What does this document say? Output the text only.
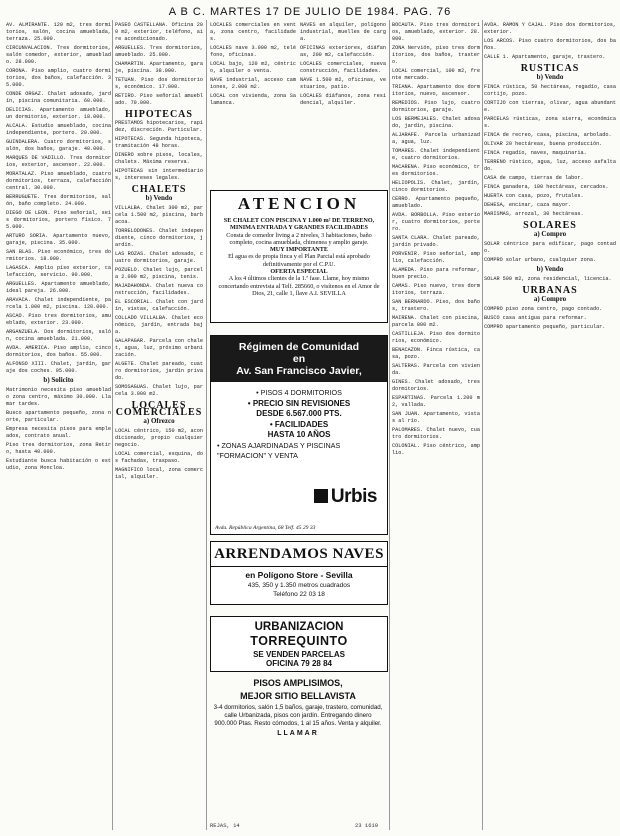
A B C. MARTES 17 DE JULIO DE 1984. PAG. 76

AV. ALMIRANTE. 120 m2, tres dormitorios, salón, cocina amueblada, terraza. 25.000.

CIRCUNVALACION. Tres dormitorios, salón comedor, exterior, amueblado. 28.000.

CORONA. Piso amplio, cuatro dormitorios, dos baños, calefacción. 35.000.

CONDE ORGAZ. Chalet adosado, jardín, piscina comunitaria. 60.000.

DELICIAS. Apartamento amueblado, un dormitorio, exterior. 18.000.

ALCALA. Estudio amueblado, cocina independiente, portero. 20.000.

GUINDALERA. Cuatro dormitorios, salón, dos baños, garaje. 40.000.

MARQUES DE VADILLO. Tres dormitorios, exterior, ascensor. 22.000.

MORATALAZ. Piso amueblado, cuatro dormitorios, terraza, calefacción central. 30.000.

BERRUGUETE. Tres dormitorios, salón, baño completo. 24.000.

DIEGO DE LEON. Piso señorial, seis dormitorios, portero físico. 75.000.

ARTURO SORIA. Apartamento nuevo, garaje, piscina. 35.000.

SAN BLAS. Piso económico, tres dormitorios. 18.000.

LAGASCA. Amplio piso exterior, calefacción, servicio. 90.000.

ARGUELLES. Apartamento amueblado, ideal pareja. 26.000.

ARAVACA. Chalet independiente, parcela 1.000 m2, piscina. 120.000.

ASCAO. Piso tres dormitorios, amueblado, exterior. 23.000.

ARGANZUELA. Dos dormitorios, salón, cocina amueblada. 21.000.

AVDA. AMERICA. Piso amplio, cinco dormitorios, dos baños. 55.000.

ALFONSO XIII. Chalet, jardín, garaje dos coches. 95.000.

b) Solicito

Matrimonio necesita piso amueblado zona centro, máximo 30.000. Llamar tardes.

Busco apartamento pequeño, zona norte, particular.

Empresa necesita pisos para empleados, contrato anual.

Piso tres dormitorios, zona Retiro, hasta 40.000.

Estudiante busca habitación o estudio, zona Moncloa.

PASEO CASTELLANA. Oficina 200 m2, exterior, teléfono, aire acondicionado.

ARGUELLES. Tres dormitorios, amueblado. 25.000.

CHAMARTIN. Apartamento, garaje, piscina. 38.000.

TETUAN. Piso dos dormitorios, económico. 17.000.

RETIRO. Piso señorial amueblado. 70.000.

HIPOTECAS

PRESTAMOS hipotecarios, rapidez, discreción. Particular.

HIPOTECAS. Segunda hipoteca, tramitación 48 horas.

DINERO sobre pisos, locales, chalets. Máxima reserva.

HIPOTECAS sin intermediarios, intereses legales.

CHALETS
b) Vendo

VILLALBA. Chalet 300 m2, parcela 1.500 m2, piscina, barbacoa.

TORRELODONES. Chalet independiente, cinco dormitorios, jardín.

LAS ROZAS. Chalet adosado, cuatro dormitorios, garaje.

POZUELO. Chalet lujo, parcela 2.000 m2, piscina, tenis.

MAJADAHONDA. Chalet nueva construcción, facilidades.

EL ESCORIAL. Chalet con jardín, vistas, calefacción.

COLLADO VILLALBA. Chalet económico, jardín, entrada baja.

GALAPAGAR. Parcela con chalet, agua, luz, próximo urbanización.

ALGETE. Chalet pareado, cuatro dormitorios, jardín privado.

SOMOSAGUAS. Chalet lujo, parcela 3.000 m2.

LOCALES COMERCIALES
a) Ofrezco

LOCAL céntrico, 150 m2, acondicionado, propio cualquier negocio.

LOCAL comercial, esquina, dos fachadas, traspaso.

MAGNIFICO local, zona comercial, alquiler.

REJAS, 14

LOCALES comerciales en venta, zona centro, facilidades.

LOCALES nave 3.000 m2, teléfono, oficinas.

LOCAL bajo, 120 m2, céntrico, alquiler o venta.

NAVE industrial, acceso camiones, 2.000 m2.

LOCAL con vivienda, zona Salamanca.

NAVES en alquiler, polígono industrial, muelles de carga.

OFICINAS exteriores, diáfanas, 200 m2, calefacción.

LOCALES comerciales, nueva construcción, facilidades.

NAVE 1.500 m2, oficinas, vestuarios, patio.

LOCALES diáfanos, zona residencial, alquiler.

ATENCION
SE CHALET CON PISCINA Y 1.000 m² DE TERRENO, MINIMA ENTRADA Y GRANDES FACILIDADES
Consta de comedor living a 2 niveles, 3 habitaciones, baño completo, cocina amueblada, chimenea y amplio garaje.
MUY IMPORTANTE
El agua es de propia finca y el Plan Parcial está aprobado definitivamente por el C.P.U.
OFERTA ESPECIAL
A los 4 últimos clientes de la 1.ª fase. Llame, hoy mismo concertando entrevista al Telf. 285660, o visítenos en el Amor de Dios, 21, calle 1, llave A.I. SEVILLA
Régimen de Comunidad
en
Av. San Francisco Javier,
• PISOS 4 DORMITORIOS
• PRECIO SIN REVISIONES
DESDE 6.567.000 PTS.
• FACILIDADES
HASTA 10 AÑOS
• ZONAS AJARDINADAS Y PISCINAS
"FORMACION" Y VENTA
Urbis
Avda. República Argentina, 68 Telf. 45 29 33
ARRENDAMOS NAVES
en Polígono Store - Sevilla
435, 350 y 1.350 metros cuadrados
Teléfono 22 03 18
URBANIZACION
TORREQUINTO
SE VENDEN PARCELAS
OFICINA 79 28 84
PISOS AMPLISIMOS,
MEJOR SITIO BELLAVISTA
3-4 dormitorios, salón 1,5 baños, garaje, trastero, comunidad, calle Urbanizada, pisos con jardín. Entregando dinero 900.000 Ptas. Resto cómodos, 1 al 15 años. Venta y alquiler.
LLAMAR

BOCAUTA. Piso tres dormitorios, amueblado, exterior. 28.000.

ZONA Nervión, piso tres dormitorios, dos baños, trastero.

LOCAL comercial, 100 m2, frente mercado.

TRIANA. Apartamento dos dormitorios, nuevo, ascensor.

REMEDIOS. Piso lujo, cuatro dormitorios, garaje.

LOS BERMEJALES. Chalet adosado, jardín, piscina.

ALJARAFE. Parcela urbanizada, agua, luz.

TOMARES. Chalet independiente, cuatro dormitorios.

MACARENA. Piso económico, tres dormitorios.

HELIOPOLIS. Chalet, jardín, cinco dormitorios.

CERRO. Apartamento pequeño, amueblado.

AVDA. BORBOLLA. Piso exterior, cuatro dormitorios, portero.

SANTA CLARA. Chalet pareado, jardín privado.

PORVENIR. Piso señorial, amplio, calefacción.

ALAMEDA. Piso para reformar, buen precio.

CAMAS. Piso nuevo, tres dormitorios, terraza.

SAN BERNARDO. Piso, dos baños, trastero.

MAIRENA. Chalet con piscina, parcela 800 m2.

CASTILLEJA. Piso dos dormitorios, económico.

BENACAZON. Finca rústica, casa, pozo.

SALTERAS. Parcela con vivienda.

GINES. Chalet adosado, tres dormitorios.

ESPARTINAS. Parcela 1.200 m2, vallada.

SAN JUAN. Apartamento, vistas al río.

PALOMARES. Chalet nuevo, cuatro dormitorios.

COLONIAL. Piso céntrico, amplio.

23 1619

AVDA. RAMON Y CAJAL. Piso dos dormitorios, exterior.

LOS ARCOS. Piso cuatro dormitorios, dos baños.

CALLE 1. Apartamento, garaje, trastero.

RUSTICAS
b) Vendo

FINCA rústica, 50 hectáreas, regadío, casa cortijo, pozo.

CORTIJO con tierras, olivar, agua abundante.

PARCELAS rústicas, zona sierra, económicas.

FINCA de recreo, casa, piscina, arbolado.

OLIVAR 20 hectáreas, buena producción.

FINCA regadío, naves, maquinaria.

TERRENO rústico, agua, luz, acceso asfaltado.

CASA de campo, tierras de labor.

FINCA ganadera, 100 hectáreas, cercados.

HUERTA con casa, pozo, frutales.

DEHESA, encinar, caza mayor.

MARISMAS, arrozal, 30 hectáreas.

SOLARES
a) Compro

SOLAR céntrico para edificar, pago contado.

COMPRO solar urbano, cualquier zona.

b) Vendo

SOLAR 500 m2, zona residencial, licencia.

URBANAS
a) Compro

COMPRO piso zona centro, pago contado.

BUSCO casa antigua para reformar.

COMPRO apartamento pequeño, particular.
